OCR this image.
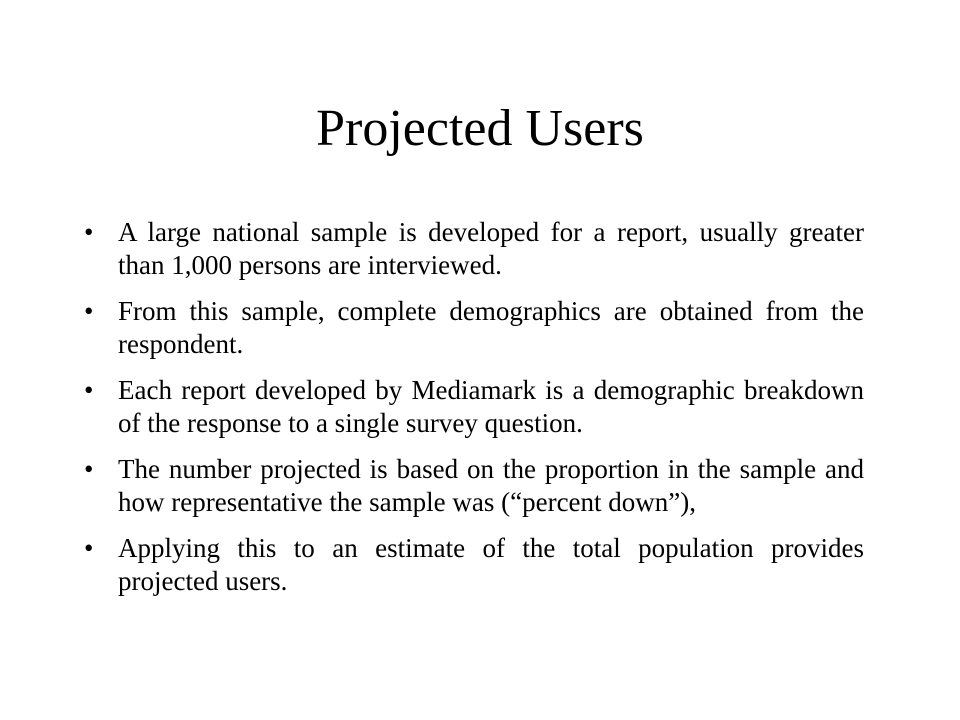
Projected Users
• A large national sample is developed for a report, usually greater than 1,000 persons are interviewed.
• From this sample, complete demographics are obtained from the respondent.
• Each report developed by Mediamark is a demographic breakdown of the response to a single survey question.
• The number projected is based on the proportion in the sample and how representative the sample was (“percent down”),
• Applying this to an estimate of the total population provides projected users.
